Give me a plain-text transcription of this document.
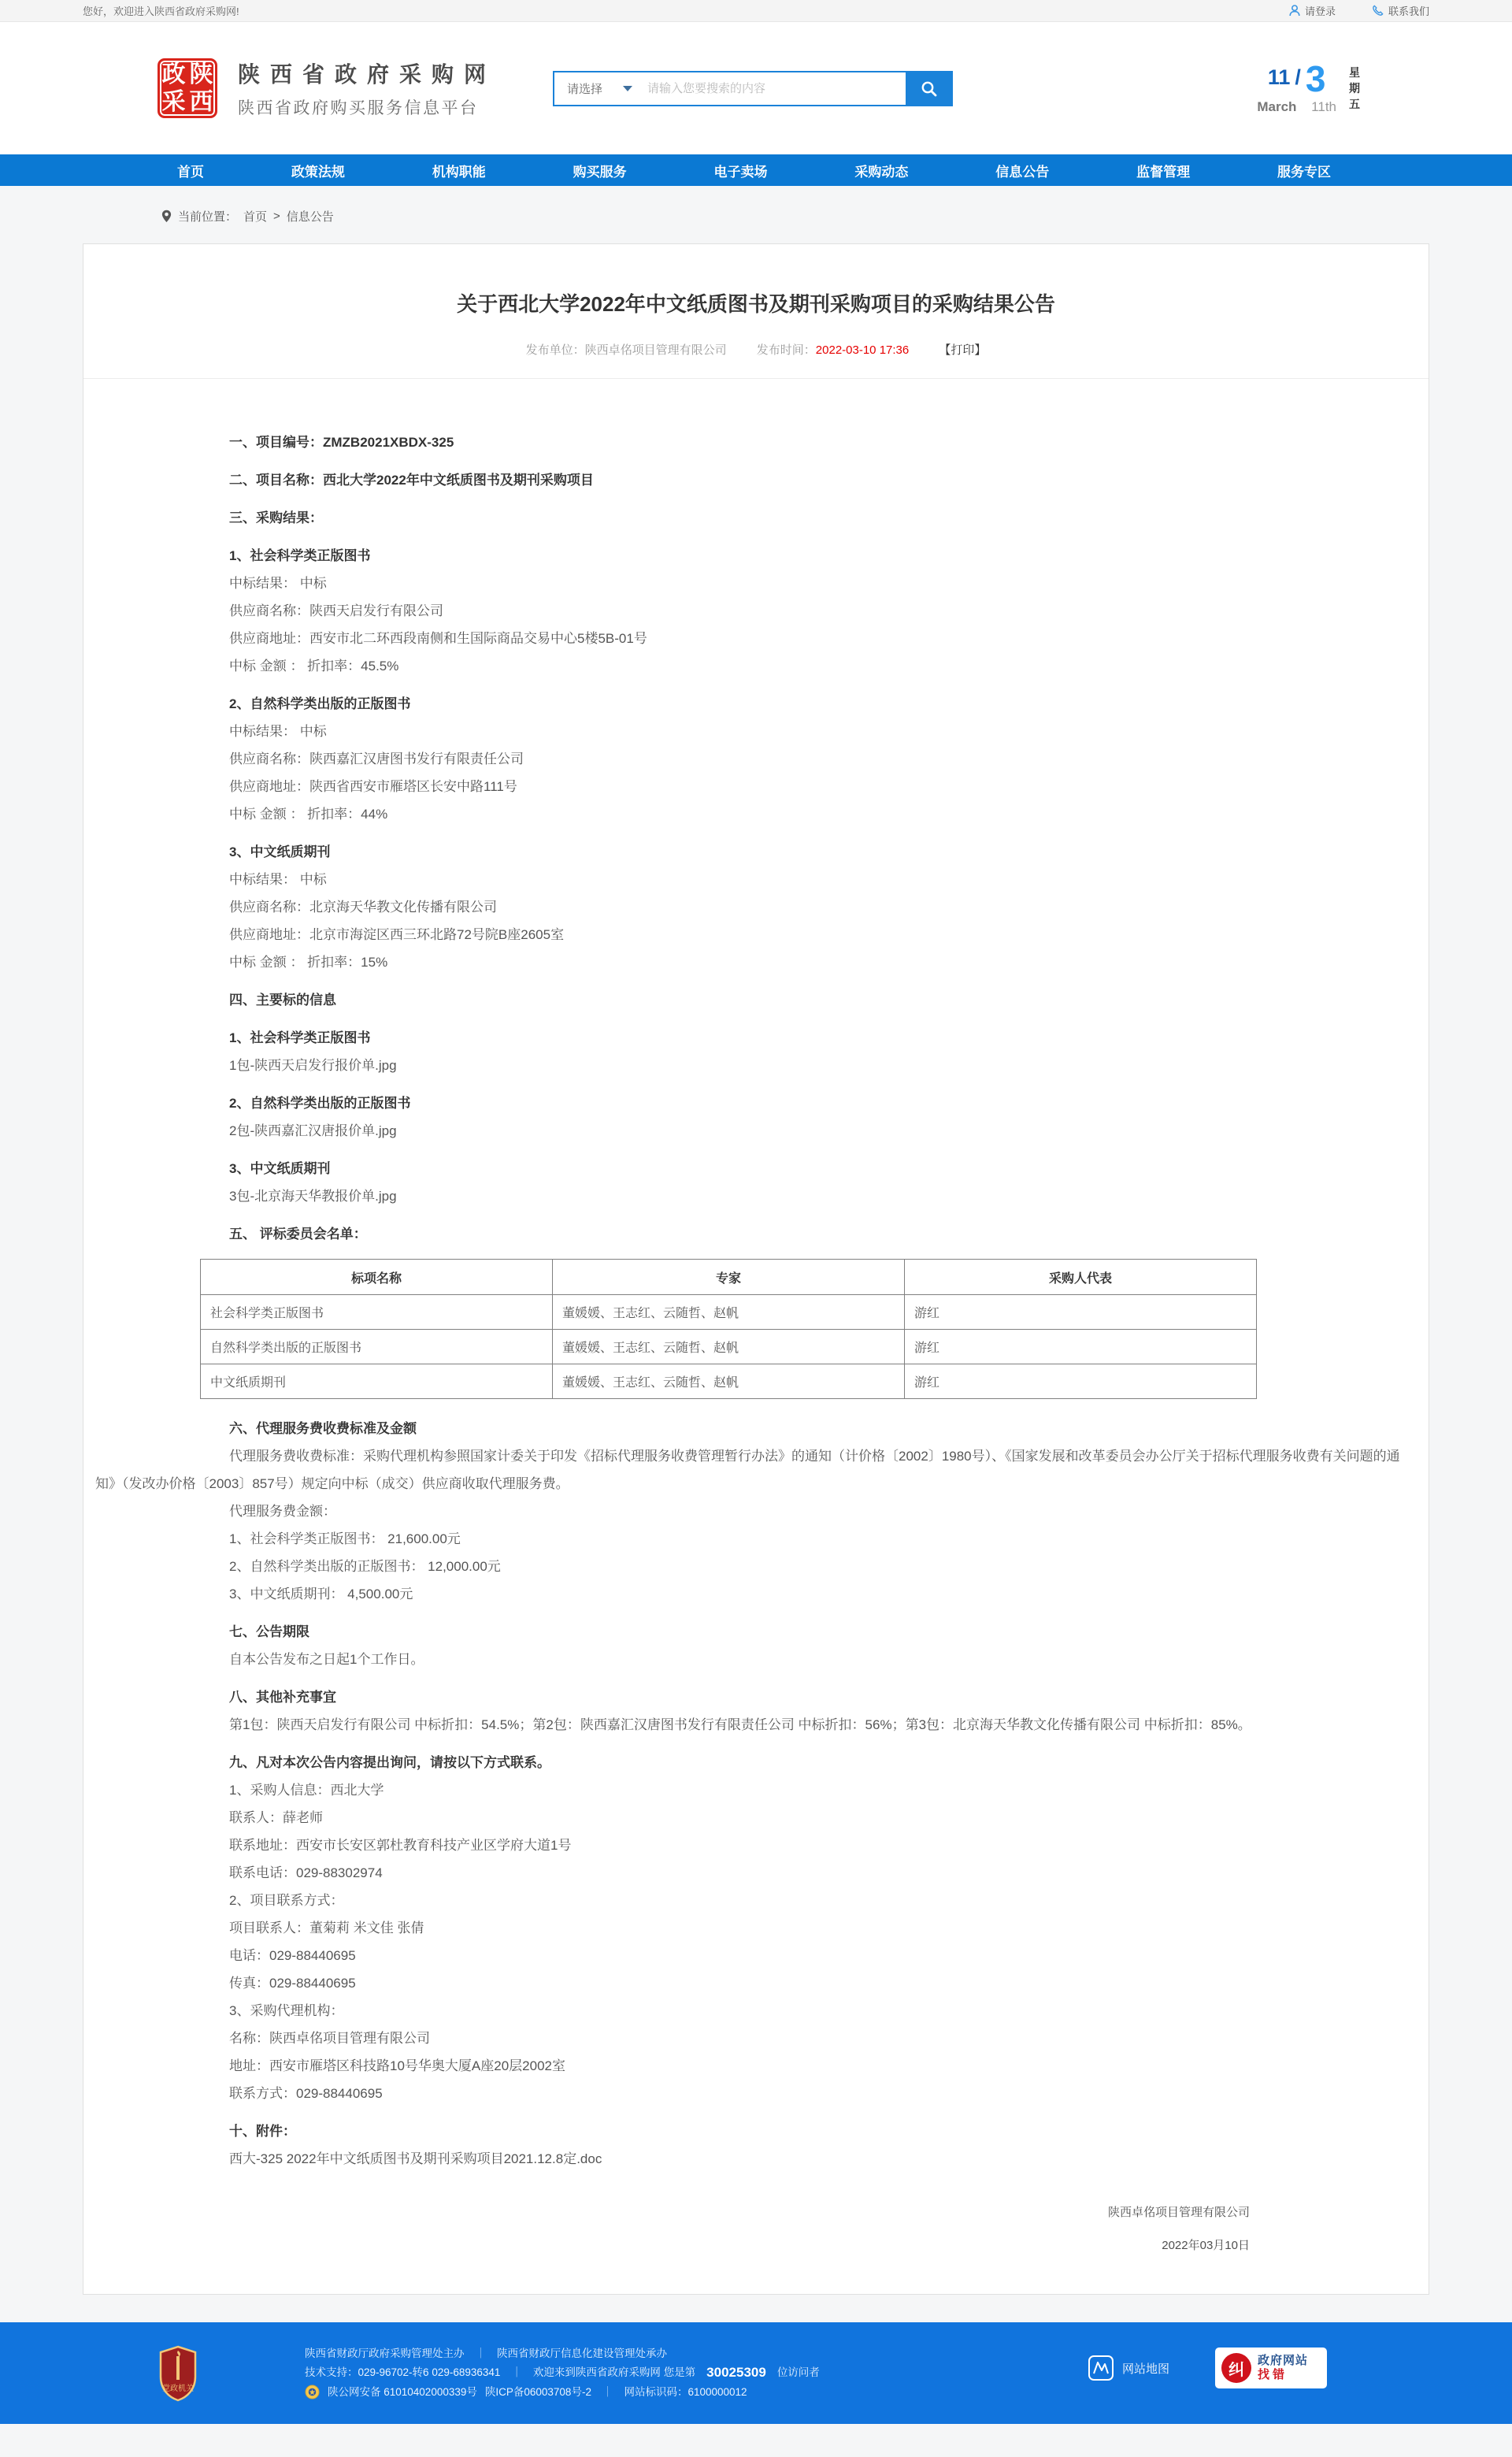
您好，欢迎进入陕西省政府采购网!	请登录	联系我们
政 陕
采 西
陕西省政府采购网
陕西省政府购买服务信息平台
请选择
请输入您要搜索的内容	11 / 3
March 11th
星
期
五
首页	政策法规	机构职能	购买服务	电子卖场	采购动态	信息公告	监督管理	服务专区
当前位置： 首页 > 信息公告
关于西北大学2022年中文纸质图书及期刊采购项目的采购结果公告
发布单位：陕西卓佲项目管理有限公司	发布时间：2022-03-10 17:36	【打印】

一、项目编号：ZMZB2021XBDX-325

二、项目名称：西北大学2022年中文纸质图书及期刊采购项目

三、采购结果：

1、社会科学类正版图书

中标结果： 中标

供应商名称：陕西天启发行有限公司

供应商地址：西安市北二环西段南侧和生国际商品交易中心5楼5B-01号

中标 金额 ： 折扣率：45.5%

2、自然科学类出版的正版图书

中标结果： 中标

供应商名称：陕西嘉汇汉唐图书发行有限责任公司

供应商地址：陕西省西安市雁塔区长安中路111号

中标 金额 ： 折扣率：44%

3、中文纸质期刊

中标结果： 中标

供应商名称：北京海天华教文化传播有限公司

供应商地址：北京市海淀区西三环北路72号院B座2605室

中标 金额 ： 折扣率：15%

四、主要标的信息

1、社会科学类正版图书

1包-陕西天启发行报价单.jpg

2、自然科学类出版的正版图书

2包-陕西嘉汇汉唐报价单.jpg

3、中文纸质期刊

3包-北京海天华教报价单.jpg

五、 评标委员会名单：

标项名称	专家	采购人代表
社会科学类正版图书	董媛媛、王志红、云随哲、赵帆	游红
自然科学类出版的正版图书	董媛媛、王志红、云随哲、赵帆	游红
中文纸质期刊	董媛媛、王志红、云随哲、赵帆	游红

六、代理服务费收费标准及金额

代理服务费收费标准：采购代理机构参照国家计委关于印发《招标代理服务收费管理暂行办法》的通知（计价格〔2002〕1980号）、《国家发展和改革委员会办公厅关于招标代理服务收费有关问题的通知》（发改办价格〔2003〕857号）规定向中标（成交）供应商收取代理服务费。

代理服务费金额：

1、社会科学类正版图书： 21,600.00元

2、自然科学类出版的正版图书： 12,000.00元

3、中文纸质期刊： 4,500.00元

七、公告期限

自本公告发布之日起1个工作日。

八、其他补充事宜

第1包：陕西天启发行有限公司 中标折扣：54.5%；第2包：陕西嘉汇汉唐图书发行有限责任公司 中标折扣：56%；第3包：北京海天华教文化传播有限公司 中标折扣：85%。

九、凡对本次公告内容提出询问，请按以下方式联系。

1、采购人信息：西北大学

联系人：薛老师

联系地址：西安市长安区郭杜教育科技产业区学府大道1号

联系电话：029-88302974

2、项目联系方式：

项目联系人：董菊莉 米文佳 张倩

电话：029-88440695

传真：029-88440695

3、采购代理机构：

名称：陕西卓佲项目管理有限公司

地址：西安市雁塔区科技路10号华奥大厦A座20层2002室

联系方式：029-88440695

十、附件：

西大-325 2022年中文纸质图书及期刊采购项目2021.12.8定.doc

陕西卓佲项目管理有限公司
2022年03月10日
党政机关
陕西省财政厅政府采购管理处主办 ｜ 陕西省财政厅信息化建设管理处承办
技术支持：029-96702-转6 029-68936341 ｜ 欢迎来到陕西省政府采购网 您是第 30025309 位访问者
陕公网安备 61010402000339号 陕ICP备06003708号-2 ｜ 网站标识码：6100000012
网站地图	纠
政府网站
找错
